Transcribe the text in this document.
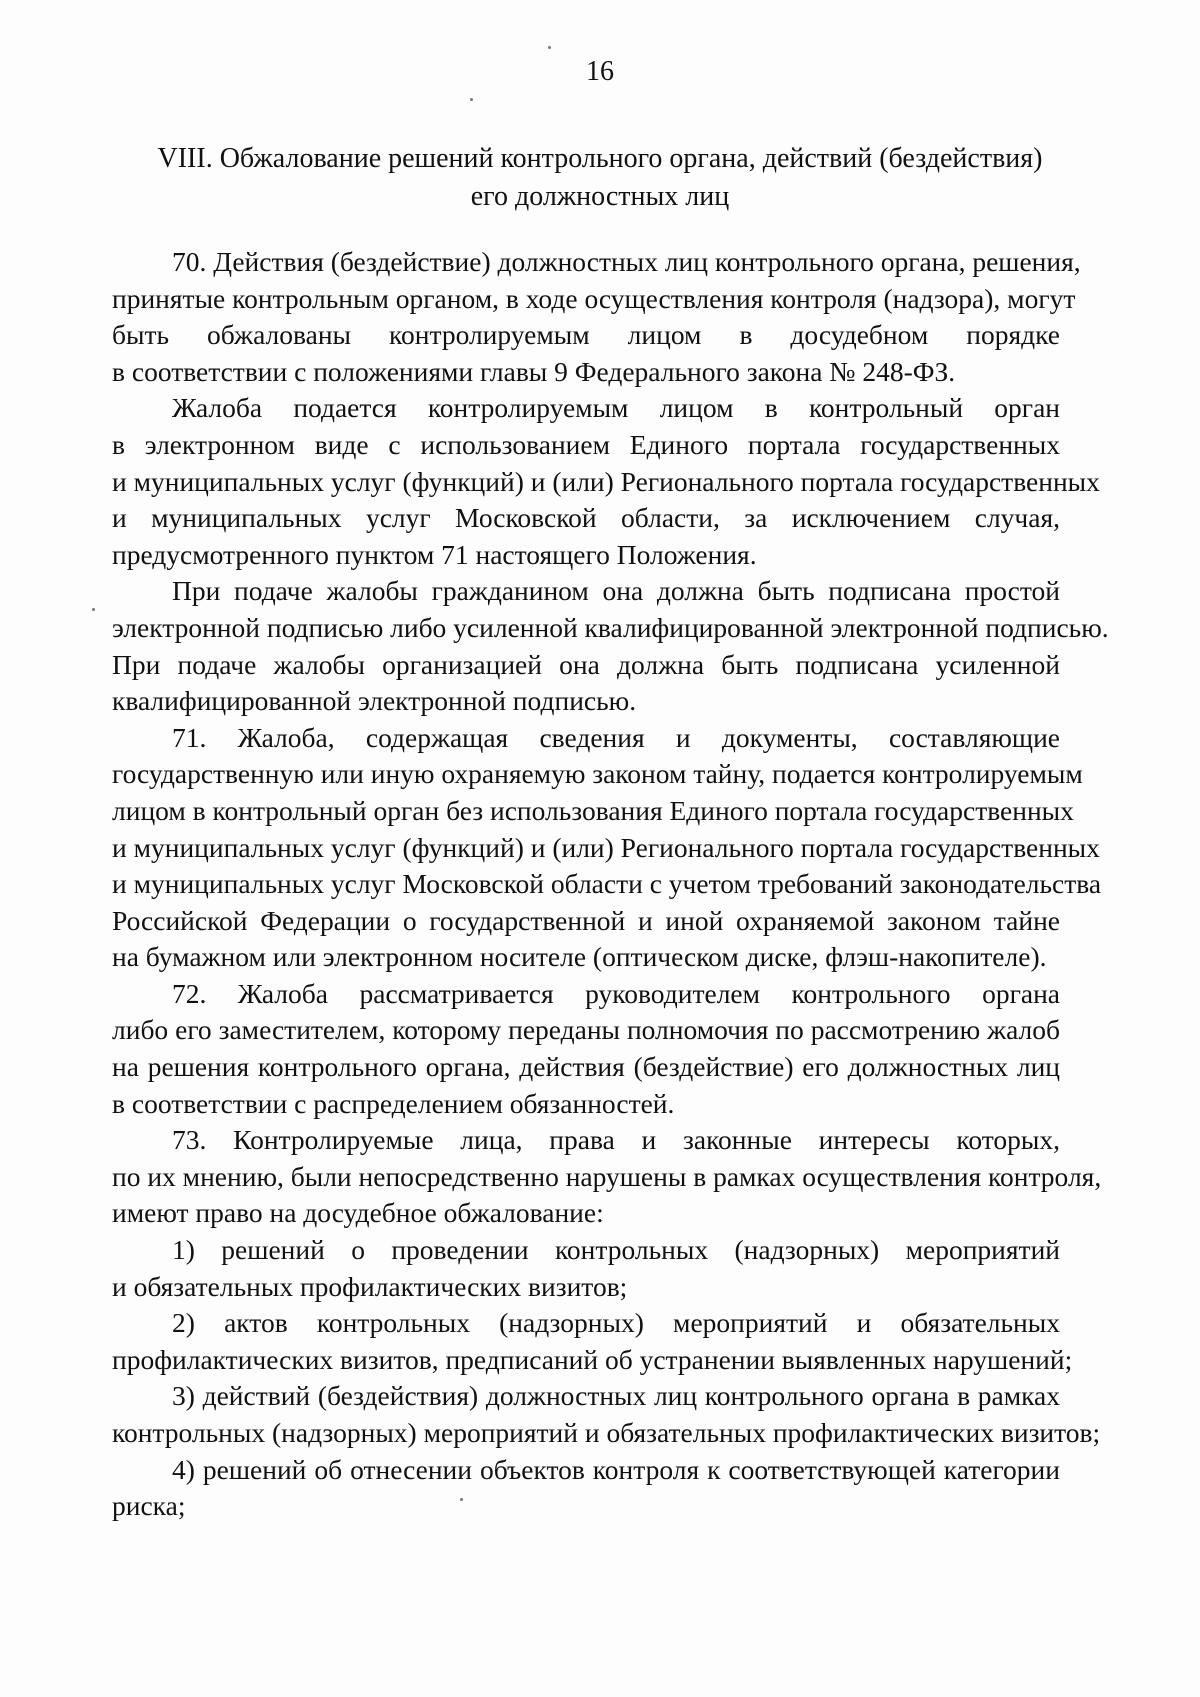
16
VIII. Обжалование решений контрольного органа, действий (бездействия)
его должностных лиц
70. Действия (бездействие) должностных лиц контрольного органа, решения,
принятые контрольным органом, в ходе осуществления контроля (надзора), могут
быть обжалованы контролируемым лицом в досудебном порядке
в соответствии с положениями главы 9 Федерального закона № 248-ФЗ.
Жалоба подается контролируемым лицом в контрольный орган
в электронном виде с использованием Единого портала государственных
и муниципальных услуг (функций) и (или) Регионального портала государственных
и муниципальных услуг Московской области, за исключением случая,
предусмотренного пунктом 71 настоящего Положения.
При подаче жалобы гражданином она должна быть подписана простой
электронной подписью либо усиленной квалифицированной электронной подписью.
При подаче жалобы организацией она должна быть подписана усиленной
квалифицированной электронной подписью.
71. Жалоба, содержащая сведения и документы, составляющие
государственную или иную охраняемую законом тайну, подается контролируемым
лицом в контрольный орган без использования Единого портала государственных
и муниципальных услуг (функций) и (или) Регионального портала государственных
и муниципальных услуг Московской области с учетом требований законодательства
Российской Федерации о государственной и иной охраняемой законом тайне
на бумажном или электронном носителе (оптическом диске, флэш-накопителе).
72. Жалоба рассматривается руководителем контрольного органа
либо его заместителем, которому переданы полномочия по рассмотрению жалоб
на решения контрольного органа, действия (бездействие) его должностных лиц
в соответствии с распределением обязанностей.
73. Контролируемые лица, права и законные интересы которых,
по их мнению, были непосредственно нарушены в рамках осуществления контроля,
имеют право на досудебное обжалование:
1) решений о проведении контрольных (надзорных) мероприятий
и обязательных профилактических визитов;
2) актов контрольных (надзорных) мероприятий и обязательных
профилактических визитов, предписаний об устранении выявленных нарушений;
3) действий (бездействия) должностных лиц контрольного органа в рамках
контрольных (надзорных) мероприятий и обязательных профилактических визитов;
4) решений об отнесении объектов контроля к соответствующей категории
риска;
